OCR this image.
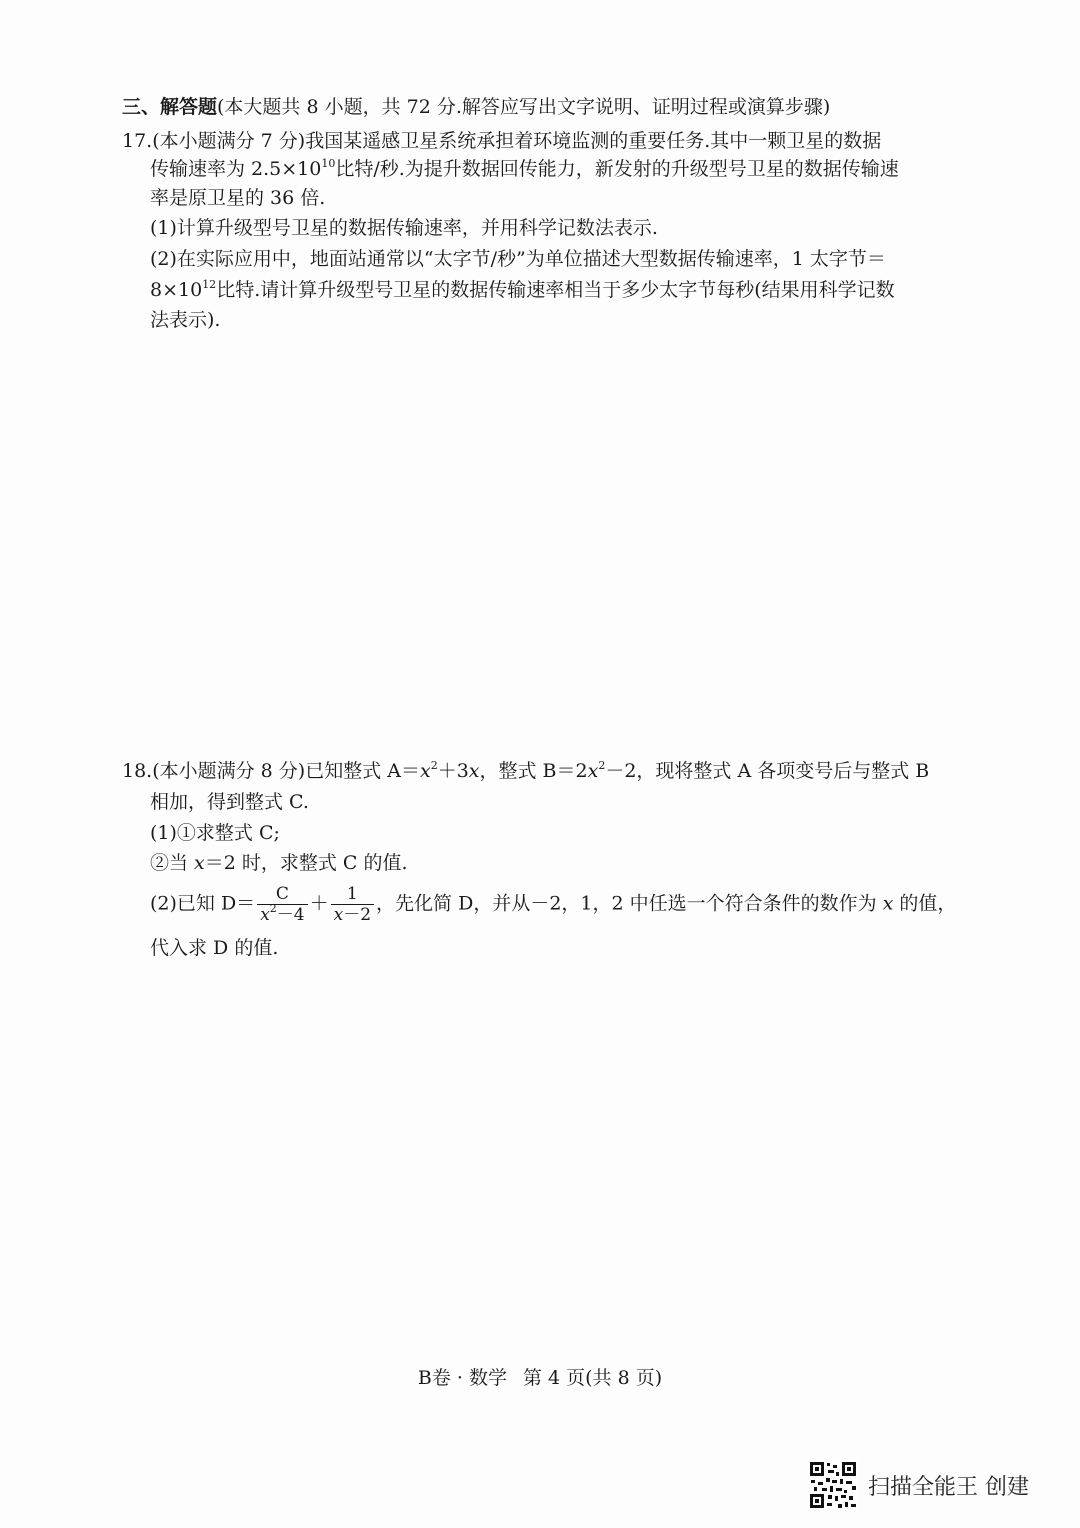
三、解答题(本大题共 8 小题，共 72 分.解答应写出文字说明、证明过程或演算步骤)
17.(本小题满分 7 分)我国某遥感卫星系统承担着环境监测的重要任务.其中一颗卫星的数据
传输速率为 $2.5\times 10^{10}$比特/秒.为提升数据回传能力，新发射的升级型号卫星的数据传输速
率是原卫星的 36 倍.
(1)计算升级型号卫星的数据传输速率，并用科学记数法表示.
(2)在实际应用中，地面站通常以“太字节/秒”为单位描述大型数据传输速率，1 太字节＝
$8\times 10^{12}$比特.请计算升级型号卫星的数据传输速率相当于多少太字节每秒(结果用科学记数
法表示).
18.(本小题满分 8 分)已知整式 $A=x^2+3x$，整式 $B=2x^2-2$，现将整式 A 各项变号后与整式 B
相加，得到整式 C.
(1)①求整式 C;
②当 x＝2 时，求整式 C 的值.
(2)已知 $D= \frac{C}{x^2-4} + \frac{1}{x-2}$ ，先化简 D，并从－2，1，2 中任选一个符合条件的数作为 x 的值，
代入求 D 的值.
B卷 · 数学 第 4 页(共 8 页)
扫描全能王 创建
